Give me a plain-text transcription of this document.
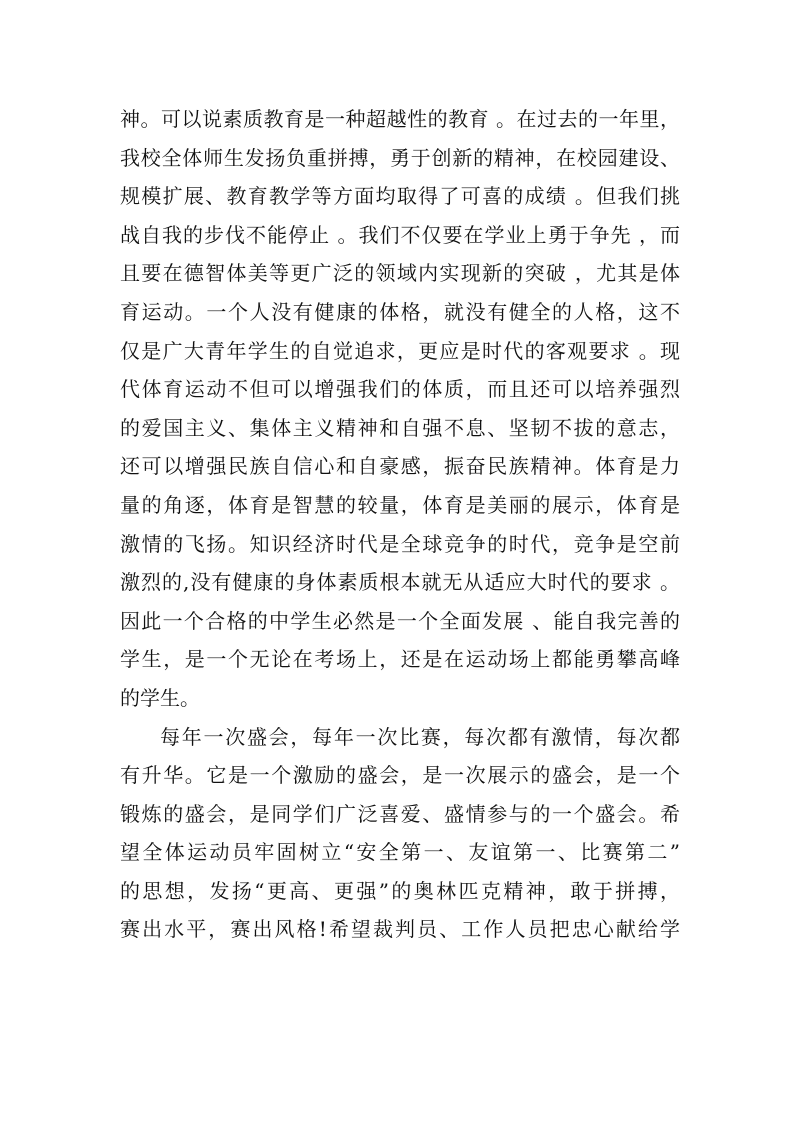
神。可以说素质教育是一种超越性的教育 。在过去的一年里，
我校全体师生发扬负重拼搏，勇于创新的精神，在校园建设、
规模扩展、教育教学等方面均取得了可喜的成绩 。但我们挑
战自我的步伐不能停止 。我们不仅要在学业上勇于争先 ，而
且要在德智体美等更广泛的领域内实现新的突破 ，尤其是体
育运动。一个人没有健康的体格，就没有健全的人格，这不
仅是广大青年学生的自觉追求，更应是时代的客观要求 。现
代体育运动不但可以增强我们的体质，而且还可以培养强烈
的爱国主义、集体主义精神和自强不息、坚韧不拔的意志，
还可以增强民族自信心和自豪感，振奋民族精神。体育是力
量的角逐，体育是智慧的较量，体育是美丽的展示，体育是
激情的飞扬。知识经济时代是全球竞争的时代，竞争是空前
激烈的,没有健康的身体素质根本就无从适应大时代的要求 。
因此一个合格的中学生必然是一个全面发展 、能自我完善的
学生，是一个无论在考场上，还是在运动场上都能勇攀高峰
的学生。
每年一次盛会，每年一次比赛，每次都有激情，每次都
有升华。它是一个激励的盛会，是一次展示的盛会，是一个
锻炼的盛会，是同学们广泛喜爱、盛情参与的一个盛会。希
望全体运动员牢固树立“安全第一、友谊第一、比赛第二”
的思想，发扬“更高、更强”的奥林匹克精神，敢于拼搏，
赛出水平，赛出风格!希望裁判员、工作人员把忠心献给学
